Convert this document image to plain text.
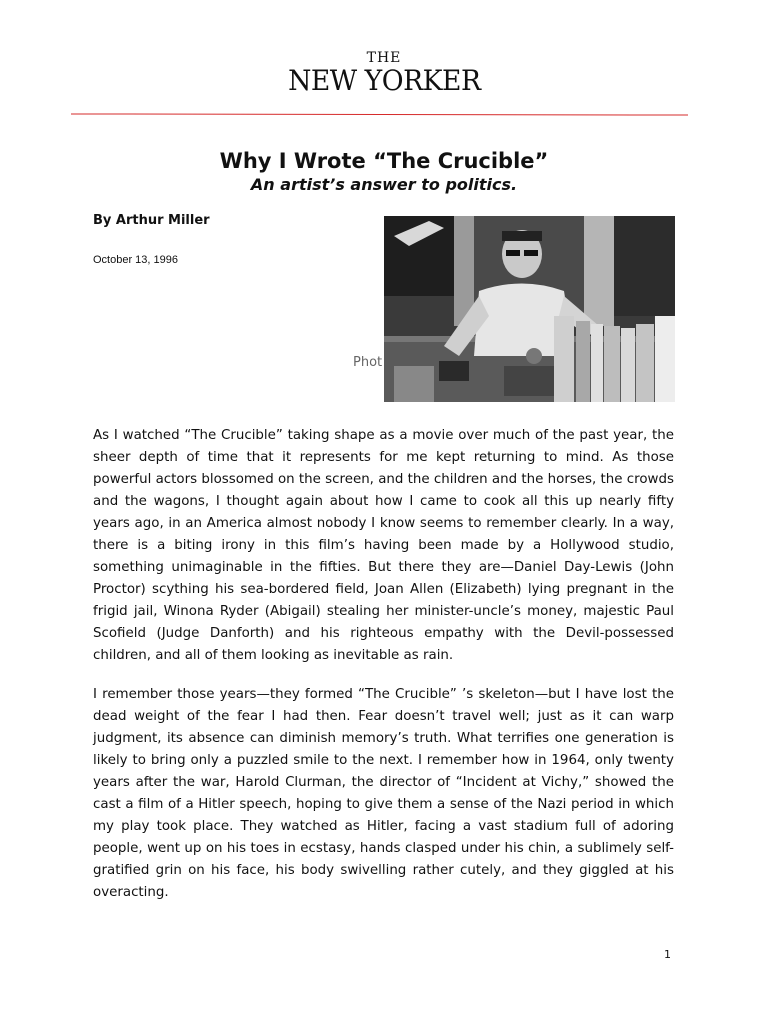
THE
NEW YORKER
Why I Wrote “The Crucible”
An artist’s answer to politics.
By Arthur Miller
October 13, 1996
Phot

As I watched “The Crucible” taking shape as a movie over much of the past year, the sheer depth of time that it represents for me kept returning to mind. As those powerful actors blossomed on the screen, and the children and the horses, the crowds and the wagons, I thought again about how I came to cook all this up nearly fifty years ago, in an America almost nobody I know seems to remember clearly. In a way, there is a biting irony in this film’s having been made by a Hollywood studio, something unimaginable in the fifties. But there they are—Daniel Day-Lewis (John Proctor) scything his sea-bordered field, Joan Allen (Elizabeth) lying pregnant in the frigid jail, Winona Ryder (Abigail) stealing her minister-uncle’s money, majestic Paul Scofield (Judge Danforth) and his righteous empathy with the Devil-possessed children, and all of them looking as inevitable as rain.

I remember those years—they formed “The Crucible” ’s skeleton—but I have lost the dead weight of the fear I had then. Fear doesn’t travel well; just as it can warp judgment, its absence can diminish memory’s truth. What terrifies one generation is likely to bring only a puzzled smile to the next. I remember how in 1964, only twenty years after the war, Harold Clurman, the director of “Incident at Vichy,” showed the cast a film of a Hitler speech, hoping to give them a sense of the Nazi period in which my play took place. They watched as Hitler, facing a vast stadium full of adoring people, went up on his toes in ecstasy, hands clasped under his chin, a sublimely self-gratified grin on his face, his body swivelling rather cutely, and they giggled at his overacting.

1
